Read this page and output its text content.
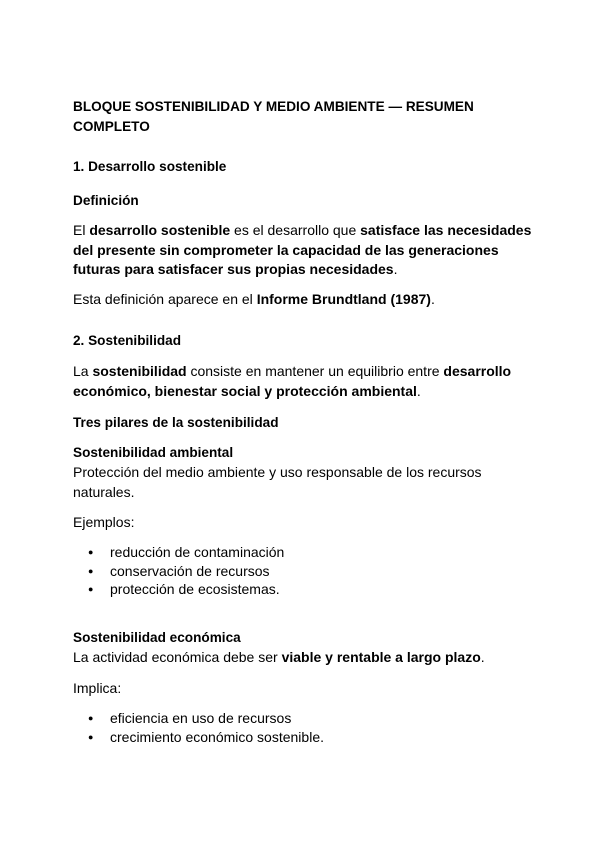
BLOQUE SOSTENIBILIDAD Y MEDIO AMBIENTE — RESUMEN COMPLETO

1. Desarrollo sostenible

Definición

El desarrollo sostenible es el desarrollo que satisface las necesidades del presente sin comprometer la capacidad de las generaciones futuras para satisfacer sus propias necesidades.

Esta definición aparece en el Informe Brundtland (1987).

2. Sostenibilidad

La sostenibilidad consiste en mantener un equilibrio entre desarrollo económico, bienestar social y protección ambiental.

Tres pilares de la sostenibilidad

Sostenibilidad ambiental

Protección del medio ambiente y uso responsable de los recursos naturales.

Ejemplos:

● reducción de contaminación
● conservación de recursos
● protección de ecosistemas.

Sostenibilidad económica

La actividad económica debe ser viable y rentable a largo plazo.

Implica:

● eficiencia en uso de recursos
● crecimiento económico sostenible.
